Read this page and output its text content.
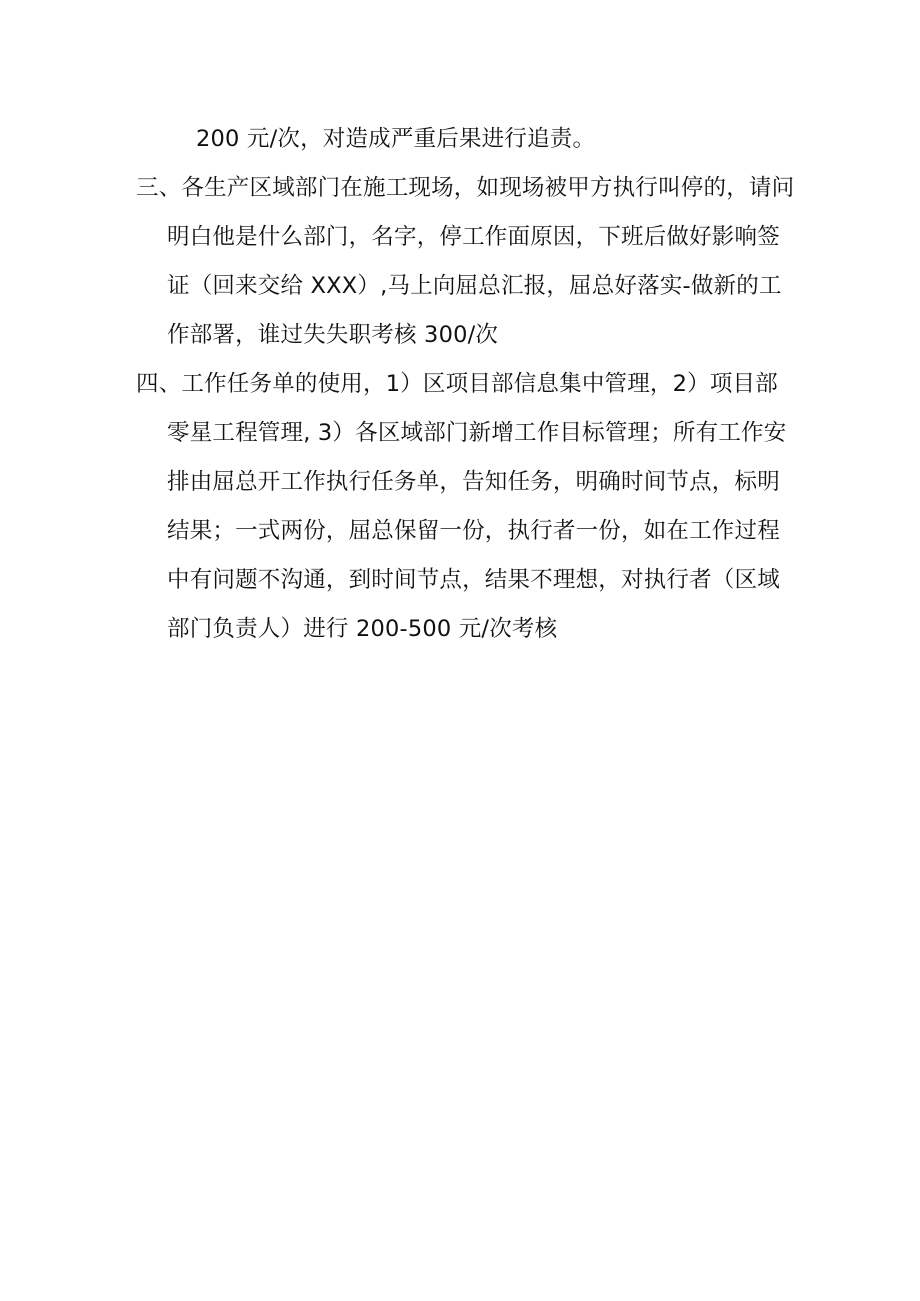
200 元/次，对造成严重后果进行追责。
三、各生产区域部门在施工现场，如现场被甲方执行叫停的，请问
明白他是什么部门，名字，停工作面原因，下班后做好影响签
证（回来交给 XXX）,马上向屈总汇报，屈总好落实-做新的工
作部署，谁过失失职考核 300/次
四、工作任务单的使用，1）区项目部信息集中管理，2）项目部
零星工程管理, 3）各区域部门新增工作目标管理；所有工作安
排由屈总开工作执行任务单，告知任务，明确时间节点，标明
结果；一式两份，屈总保留一份，执行者一份，如在工作过程
中有问题不沟通，到时间节点，结果不理想，对执行者（区域
部门负责人）进行 200-500 元/次考核
